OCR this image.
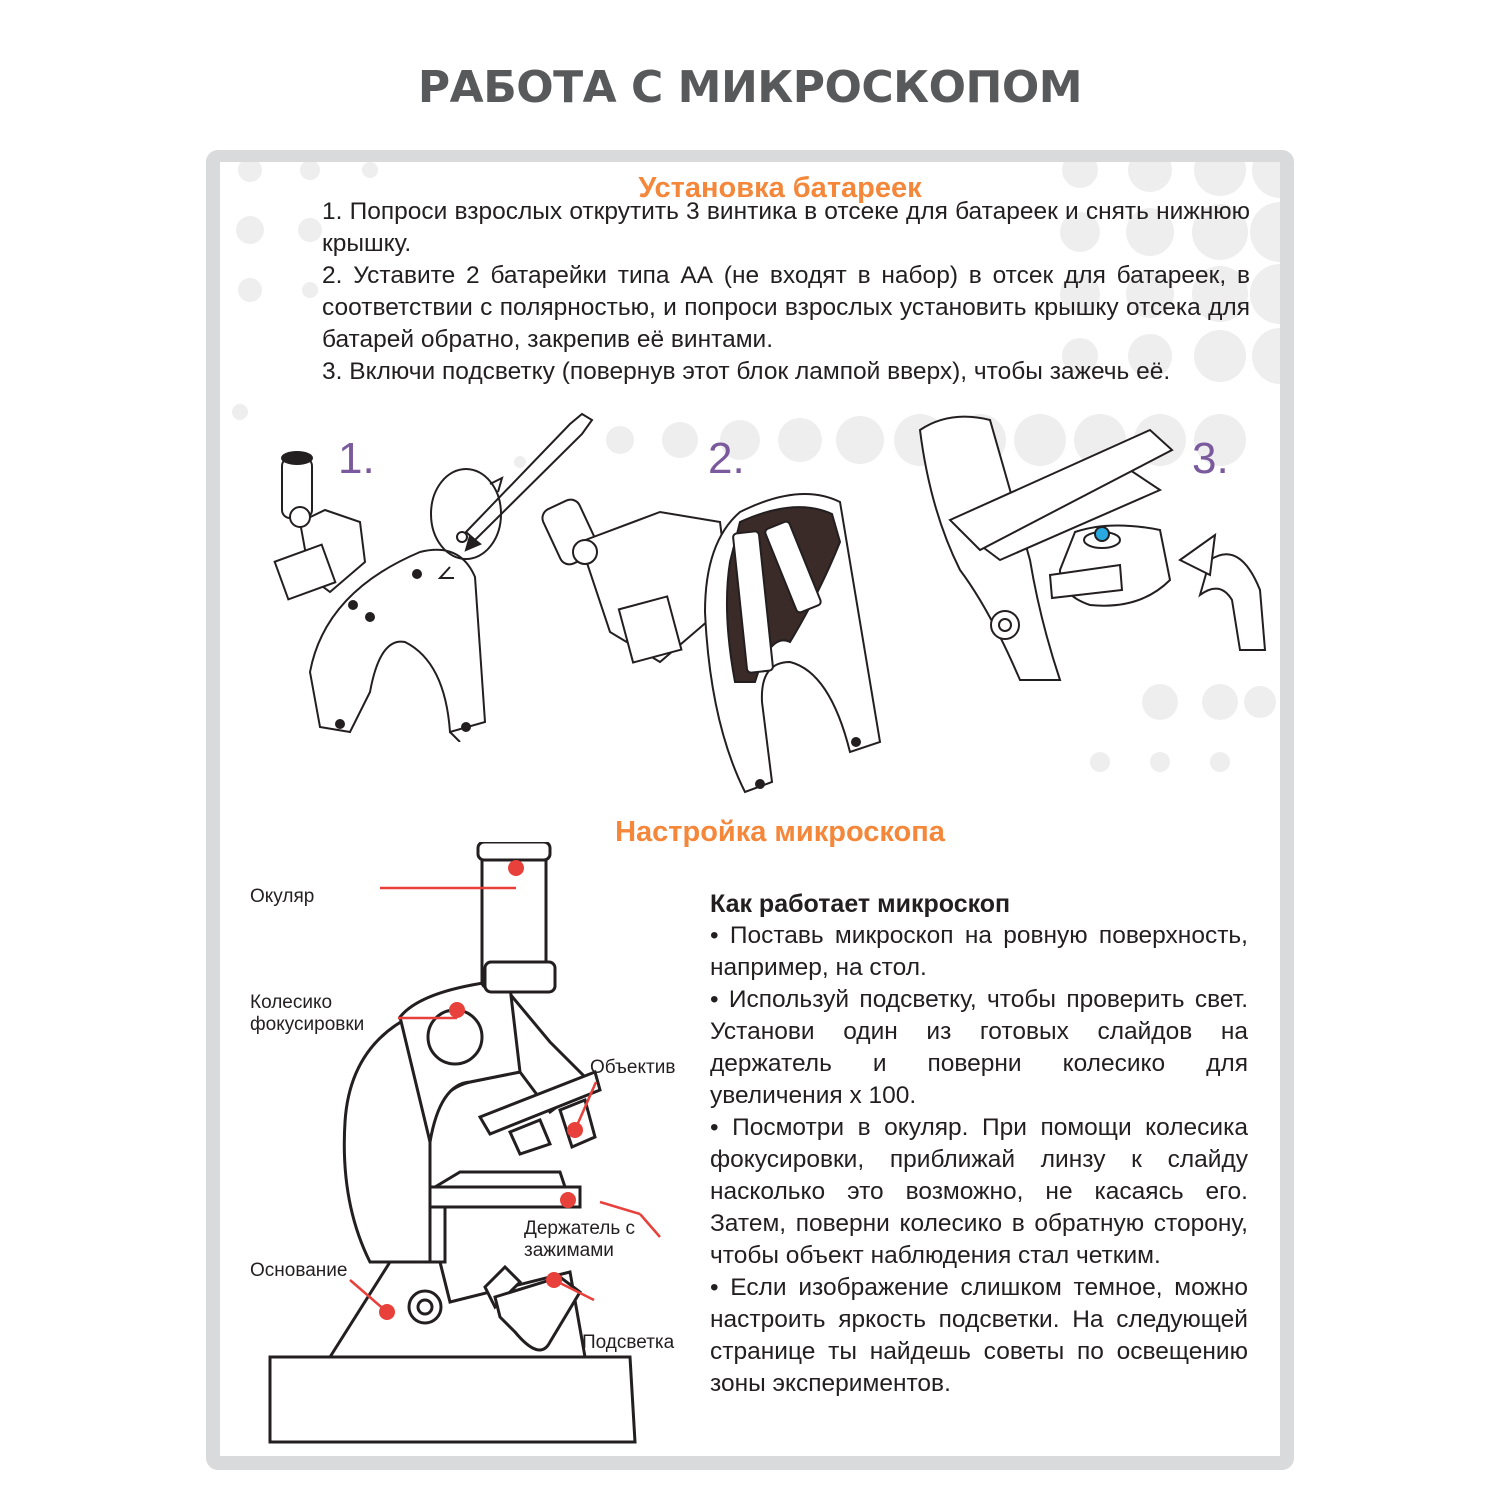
РАБОТА С МИКРОСКОПОМ
Установка батареек

1. Попроси взрослых открутить 3 винтика в отсеке для батареек и снять нижнюю крышку.

2. Уставите 2 батарейки типа АА (не входят в набор) в отсек для батареек, в соответствии с полярностью, и попроси взрослых установить крышку отсека для батарей обратно, закрепив её винтами.

3. Включи подсветку (повернув этот блок лампой вверх), чтобы зажечь её.

1.	2.	3.
Настройка микроскопа
Окуляр
Колесико фокусировки
Объектив
Держатель с зажимами
Основание
Подсветка
Как работает микроскоп

• Поставь микроскоп на ровную поверхность, например, на стол.

• Используй подсветку, чтобы проверить свет. Установи один из готовых слайдов на держатель и поверни колесико для увеличения х 100.

• Посмотри в окуляр. При помощи колесика фокусировки, приближай линзу к слайду насколько это возможно, не касаясь его. Затем, поверни колесико в обратную сторону, чтобы объект наблюдения стал четким.

• Если изображение слишком темное, можно настроить яркость подсветки. На следующей странице ты найдешь советы по освещению зоны экспериментов.
